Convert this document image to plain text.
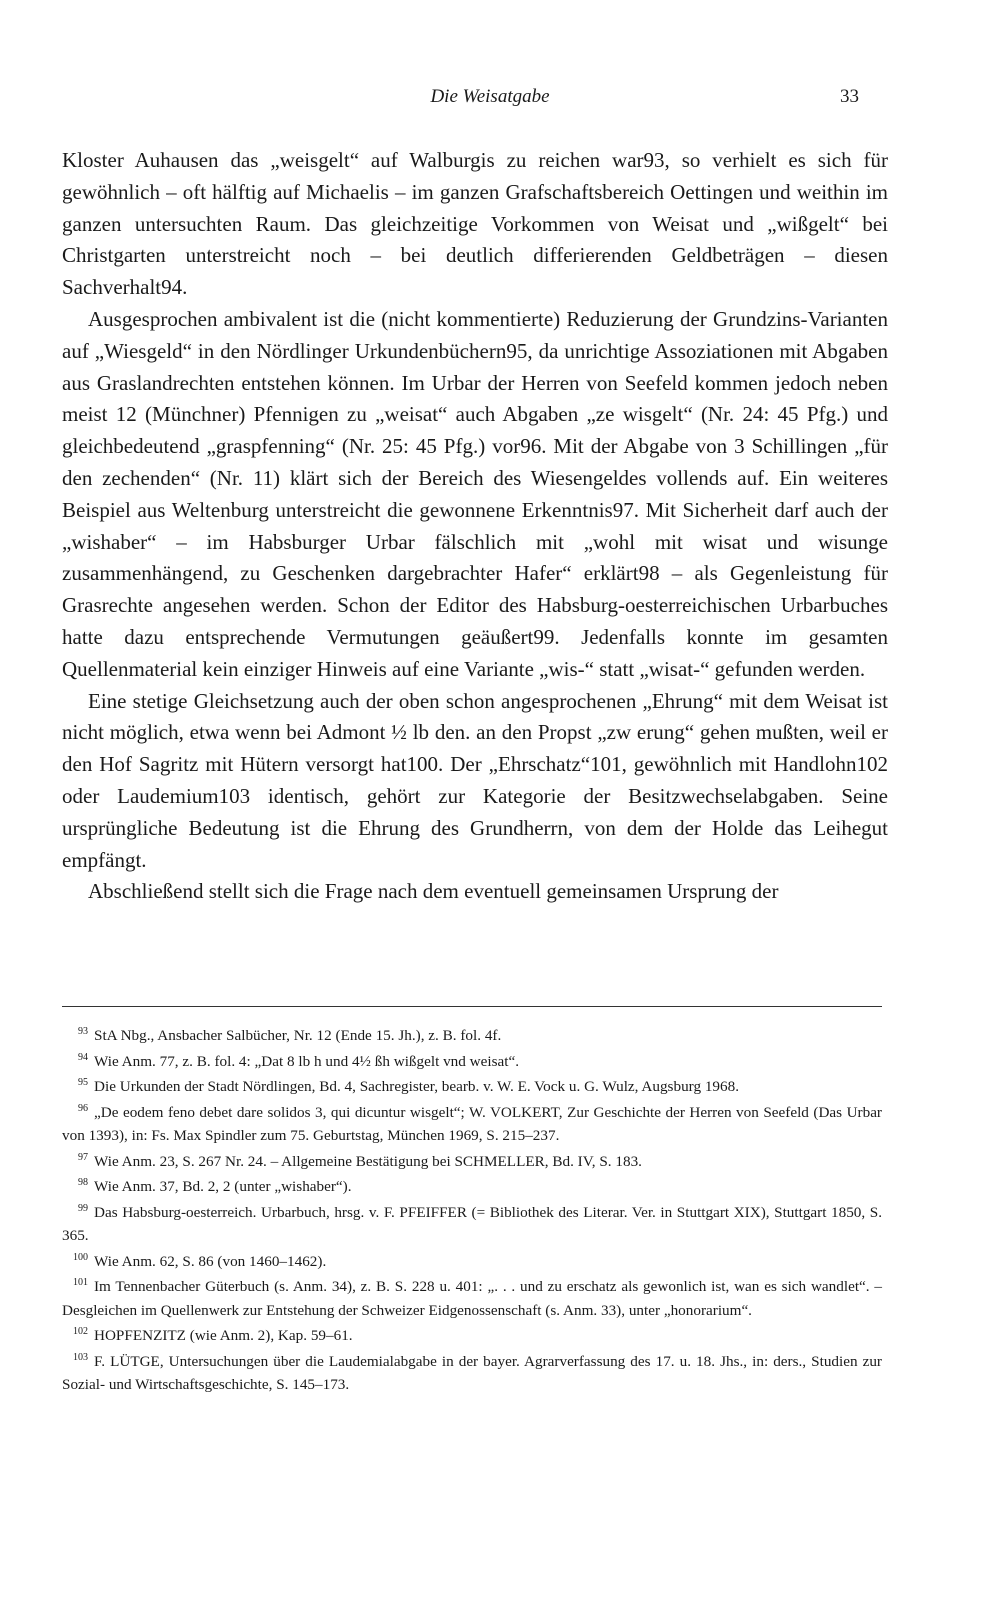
Die Weisatgabe	33

Kloster Auhausen das „weisgelt“ auf Walburgis zu reichen war93, so verhielt es sich für gewöhnlich – oft hälftig auf Michaelis – im ganzen Grafschaftsbereich Oettingen und weithin im ganzen untersuchten Raum. Das gleichzeitige Vorkommen von Weisat und „wißgelt“ bei Christgarten unterstreicht noch – bei deutlich differierenden Geldbeträgen – diesen Sachverhalt94.

Ausgesprochen ambivalent ist die (nicht kommentierte) Reduzierung der Grundzins-Varianten auf „Wiesgeld“ in den Nördlinger Urkundenbüchern95, da unrichtige Assoziationen mit Abgaben aus Graslandrechten entstehen können. Im Urbar der Herren von Seefeld kommen jedoch neben meist 12 (Münchner) Pfennigen zu „weisat“ auch Abgaben „ze wisgelt“ (Nr. 24: 45 Pfg.) und gleichbedeutend „graspfenning“ (Nr. 25: 45 Pfg.) vor96. Mit der Abgabe von 3 Schillingen „für den zechenden“ (Nr. 11) klärt sich der Bereich des Wiesengeldes vollends auf. Ein weiteres Beispiel aus Weltenburg unterstreicht die gewonnene Erkenntnis97. Mit Sicherheit darf auch der „wishaber“ – im Habsburger Urbar fälschlich mit „wohl mit wisat und wisunge zusammenhängend, zu Geschenken dargebrachter Hafer“ erklärt98 – als Gegenleistung für Grasrechte angesehen werden. Schon der Editor des Habsburg-oesterreichischen Urbarbuches hatte dazu entsprechende Vermutungen geäußert99. Jedenfalls konnte im gesamten Quellenmaterial kein einziger Hinweis auf eine Variante „wis-“ statt „wisat-“ gefunden werden.

Eine stetige Gleichsetzung auch der oben schon angesprochenen „Ehrung“ mit dem Weisat ist nicht möglich, etwa wenn bei Admont ½ lb den. an den Propst „zw erung“ gehen mußten, weil er den Hof Sagritz mit Hütern versorgt hat100. Der „Ehrschatz“101, gewöhnlich mit Handlohn102 oder Laudemium103 identisch, gehört zur Kategorie der Besitzwechselabgaben. Seine ursprüngliche Bedeutung ist die Ehrung des Grundherrn, von dem der Holde das Leihegut empfängt.

Abschließend stellt sich die Frage nach dem eventuell gemeinsamen Ursprung der

93 StA Nbg., Ansbacher Salbücher, Nr. 12 (Ende 15. Jh.), z. B. fol. 4f.

94 Wie Anm. 77, z. B. fol. 4: „Dat 8 lb h und 4½ ßh wißgelt vnd weisat“.

95 Die Urkunden der Stadt Nördlingen, Bd. 4, Sachregister, bearb. v. W. E. Vock u. G. Wulz, Augsburg 1968.

96 „De eodem feno debet dare solidos 3, qui dicuntur wisgelt“; W. VOLKERT, Zur Geschichte der Herren von Seefeld (Das Urbar von 1393), in: Fs. Max Spindler zum 75. Geburtstag, München 1969, S. 215–237.

97 Wie Anm. 23, S. 267 Nr. 24. – Allgemeine Bestätigung bei SCHMELLER, Bd. IV, S. 183.

98 Wie Anm. 37, Bd. 2, 2 (unter „wishaber“).

99 Das Habsburg-oesterreich. Urbarbuch, hrsg. v. F. PFEIFFER (= Bibliothek des Literar. Ver. in Stuttgart XIX), Stuttgart 1850, S. 365.

100 Wie Anm. 62, S. 86 (von 1460–1462).

101 Im Tennenbacher Güterbuch (s. Anm. 34), z. B. S. 228 u. 401: „. . . und zu erschatz als gewonlich ist, wan es sich wandlet“. – Desgleichen im Quellenwerk zur Entstehung der Schweizer Eidgenossenschaft (s. Anm. 33), unter „honorarium“.

102 HOPFENZITZ (wie Anm. 2), Kap. 59–61.

103 F. LÜTGE, Untersuchungen über die Laudemialabgabe in der bayer. Agrarverfassung des 17. u. 18. Jhs., in: ders., Studien zur Sozial- und Wirtschaftsgeschichte, S. 145–173.
